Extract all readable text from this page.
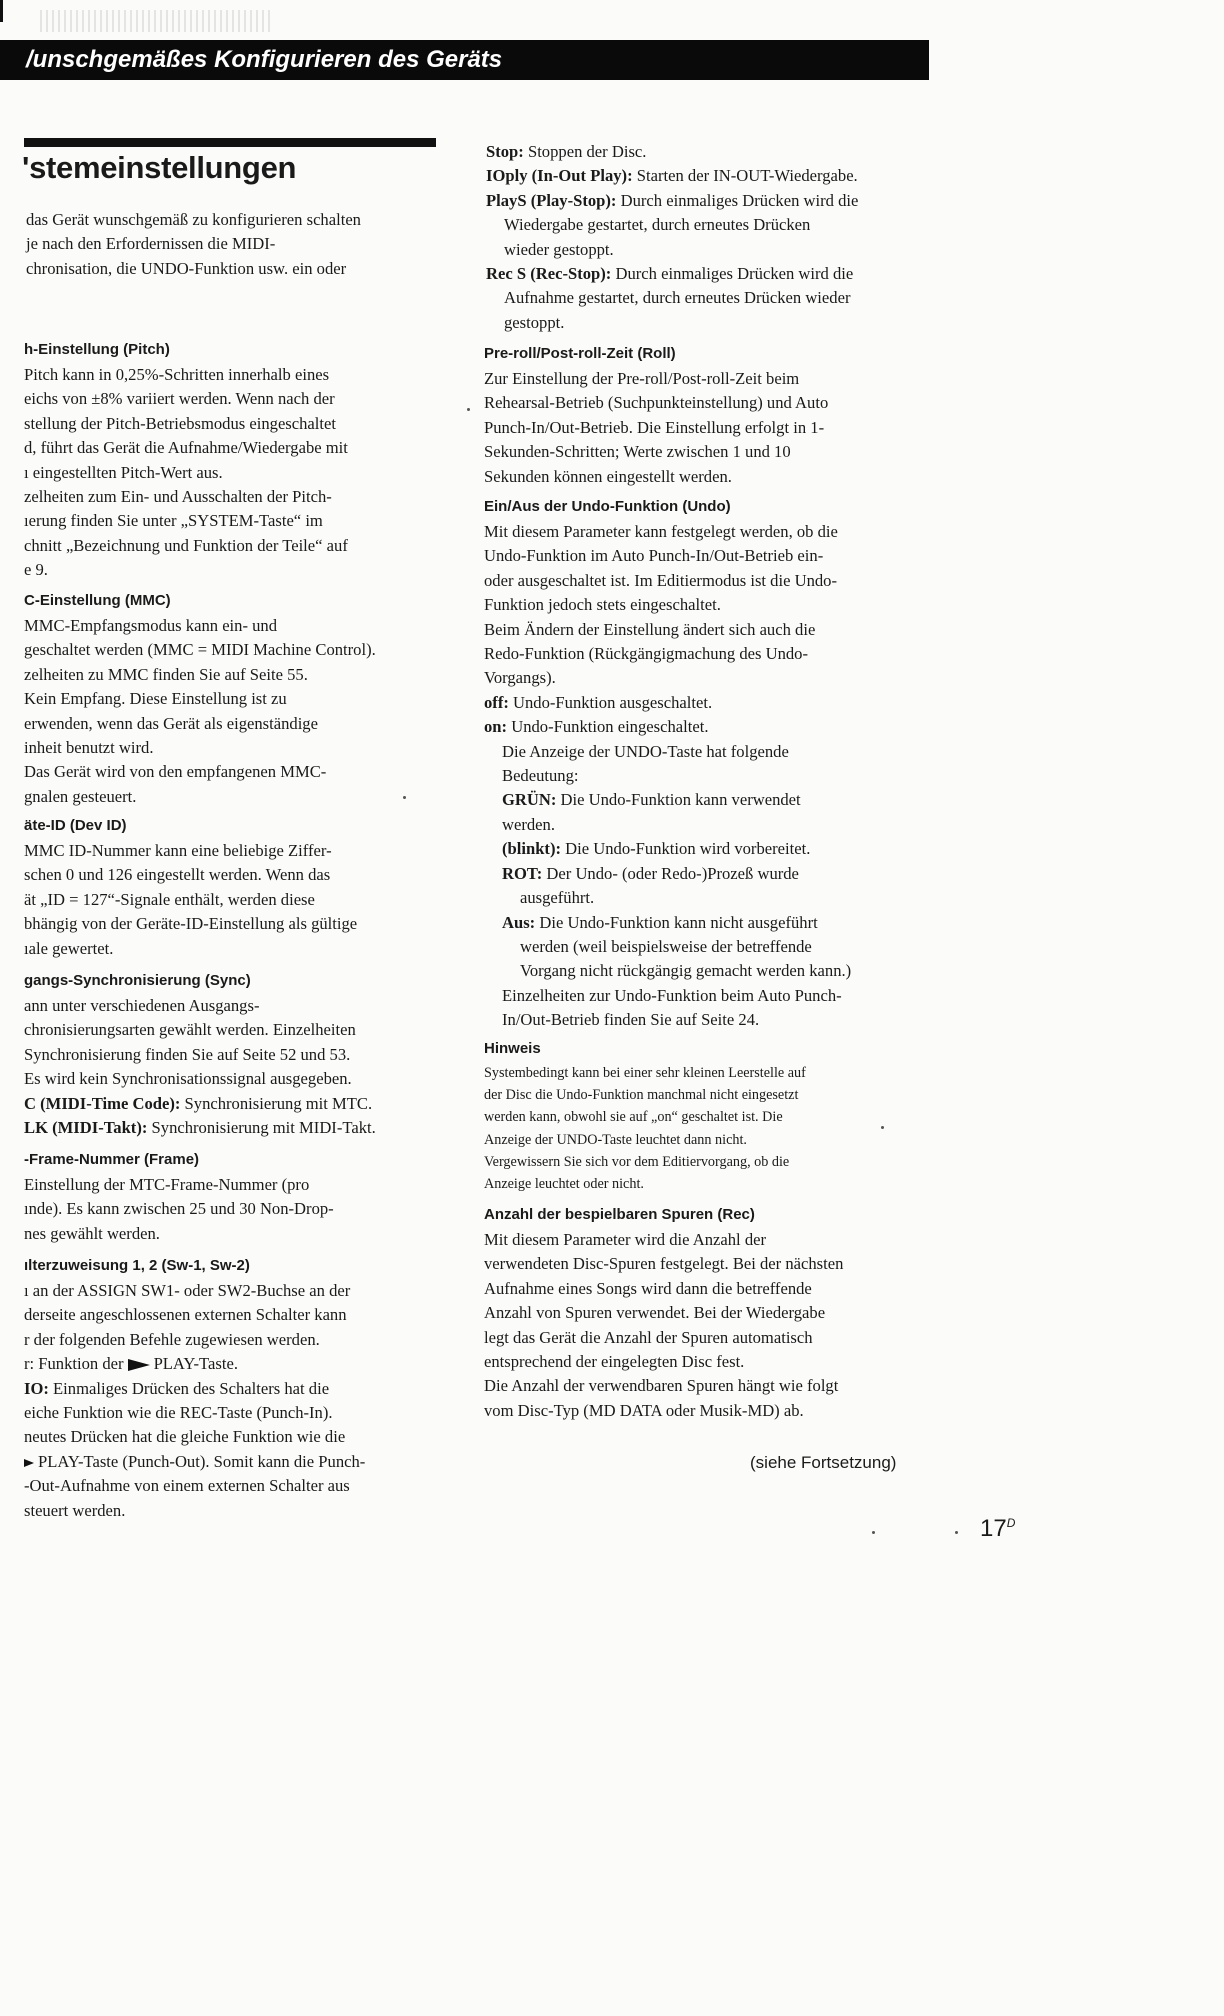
/unschgemäßes Konfigurieren des Geräts
'stemeinstellungen
das Gerät wunschgemäß zu konfigurieren schalten
je nach den Erfordernissen die MIDI-
chronisation, die UNDO-Funktion usw. ein oder
h-Einstellung (Pitch)
Pitch kann in 0,25%-Schritten innerhalb eines
eichs von ±8% variiert werden. Wenn nach der
stellung der Pitch-Betriebsmodus eingeschaltet
d, führt das Gerät die Aufnahme/Wiedergabe mit
ı eingestellten Pitch-Wert aus.
zelheiten zum Ein- und Ausschalten der Pitch-
ıerung finden Sie unter „SYSTEM-Taste“ im
chnitt „Bezeichnung und Funktion der Teile“ auf
e 9.
C-Einstellung (MMC)
MMC-Empfangsmodus kann ein- und
geschaltet werden (MMC = MIDI Machine Control).
zelheiten zu MMC finden Sie auf Seite 55.
Kein Empfang. Diese Einstellung ist zu
erwenden, wenn das Gerät als eigenständige
inheit benutzt wird.
Das Gerät wird von den empfangenen MMC-
gnalen gesteuert.
äte-ID (Dev ID)
MMC ID-Nummer kann eine beliebige Ziffer-
schen 0 und 126 eingestellt werden. Wenn das
ät „ID = 127“-Signale enthält, werden diese
bhängig von der Geräte-ID-Einstellung als gültige
ıale gewertet.
gangs-Synchronisierung (Sync)
ann unter verschiedenen Ausgangs-
chronisierungsarten gewählt werden. Einzelheiten
Synchronisierung finden Sie auf Seite 52 und 53.
Es wird kein Synchronisationssignal ausgegeben.
C (MIDI-Time Code): Synchronisierung mit MTC.
LK (MIDI-Takt): Synchronisierung mit MIDI-Takt.
-Frame-Nummer (Frame)
Einstellung der MTC-Frame-Nummer (pro
ınde). Es kann zwischen 25 und 30 Non-Drop-
nes gewählt werden.
ılterzuweisung 1, 2 (Sw-1, Sw-2)
ı an der ASSIGN SW1- oder SW2-Buchse an der
derseite angeschlossenen externen Schalter kann
r der folgenden Befehle zugewiesen werden.
r: Funktion der PLAY-Taste.
IO: Einmaliges Drücken des Schalters hat die
eiche Funktion wie die REC-Taste (Punch-In).
neutes Drücken hat die gleiche Funktion wie die
PLAY-Taste (Punch-Out). Somit kann die Punch-
-Out-Aufnahme von einem externen Schalter aus
steuert werden.
Stop: Stoppen der Disc.
IOply (In-Out Play): Starten der IN-OUT-Wiedergabe.
PlayS (Play-Stop): Durch einmaliges Drücken wird die
Wiedergabe gestartet, durch erneutes Drücken
wieder gestoppt.
Rec S (Rec-Stop): Durch einmaliges Drücken wird die
Aufnahme gestartet, durch erneutes Drücken wieder
gestoppt.
Pre-roll/Post-roll-Zeit (Roll)
Zur Einstellung der Pre-roll/Post-roll-Zeit beim
Rehearsal-Betrieb (Suchpunkteinstellung) und Auto
Punch-In/Out-Betrieb. Die Einstellung erfolgt in 1-
Sekunden-Schritten; Werte zwischen 1 und 10
Sekunden können eingestellt werden.
Ein/Aus der Undo-Funktion (Undo)
Mit diesem Parameter kann festgelegt werden, ob die
Undo-Funktion im Auto Punch-In/Out-Betrieb ein-
oder ausgeschaltet ist. Im Editiermodus ist die Undo-
Funktion jedoch stets eingeschaltet.
Beim Ändern der Einstellung ändert sich auch die
Redo-Funktion (Rückgängigmachung des Undo-
Vorgangs).
off: Undo-Funktion ausgeschaltet.
on: Undo-Funktion eingeschaltet.
Die Anzeige der UNDO-Taste hat folgende
Bedeutung:
GRÜN: Die Undo-Funktion kann verwendet
werden.
(blinkt): Die Undo-Funktion wird vorbereitet.
ROT: Der Undo- (oder Redo-)Prozeß wurde
ausgeführt.
Aus: Die Undo-Funktion kann nicht ausgeführt
werden (weil beispielsweise der betreffende
Vorgang nicht rückgängig gemacht werden kann.)
Einzelheiten zur Undo-Funktion beim Auto Punch-
In/Out-Betrieb finden Sie auf Seite 24.
Hinweis
Systembedingt kann bei einer sehr kleinen Leerstelle auf
der Disc die Undo-Funktion manchmal nicht eingesetzt
werden kann, obwohl sie auf „on“ geschaltet ist. Die
Anzeige der UNDO-Taste leuchtet dann nicht.
Vergewissern Sie sich vor dem Editiervorgang, ob die
Anzeige leuchtet oder nicht.
Anzahl der bespielbaren Spuren (Rec)
Mit diesem Parameter wird die Anzahl der
verwendeten Disc-Spuren festgelegt. Bei der nächsten
Aufnahme eines Songs wird dann die betreffende
Anzahl von Spuren verwendet. Bei der Wiedergabe
legt das Gerät die Anzahl der Spuren automatisch
entsprechend der eingelegten Disc fest.
Die Anzahl der verwendbaren Spuren hängt wie folgt
vom Disc-Typ (MD DATA oder Musik-MD) ab.
(siehe Fortsetzung)
$17^D$
